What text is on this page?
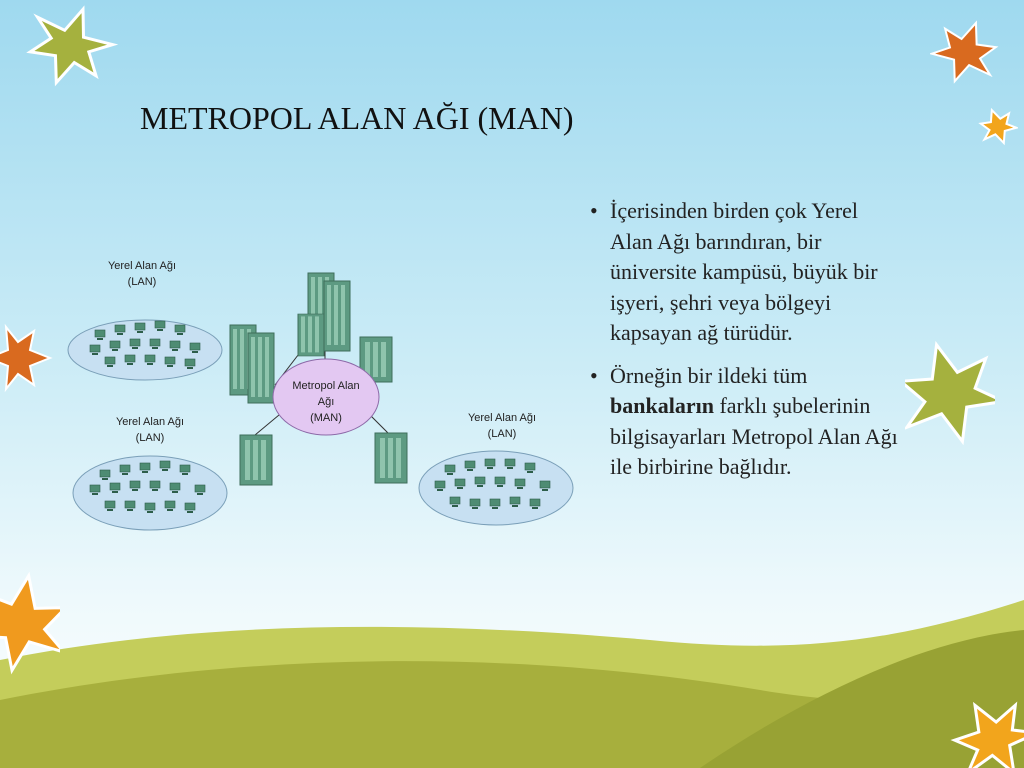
METROPOL ALAN AĞI (MAN)
• İçerisinden birden çok Yerel Alan Ağı barındıran, bir üniversite kampüsü, büyük bir işyeri, şehri veya bölgeyi kapsayan ağ türüdür.
• Örneğin bir ildeki tüm bankaların farklı şubelerinin bilgisayarları Metropol Alan Ağı ile birbirine bağlıdır.
Metropol Alan
Ağı
(MAN)
Yerel Alan Ağı
(LAN)
Yerel Alan Ağı
(LAN)
Yerel Alan Ağı
(LAN)
